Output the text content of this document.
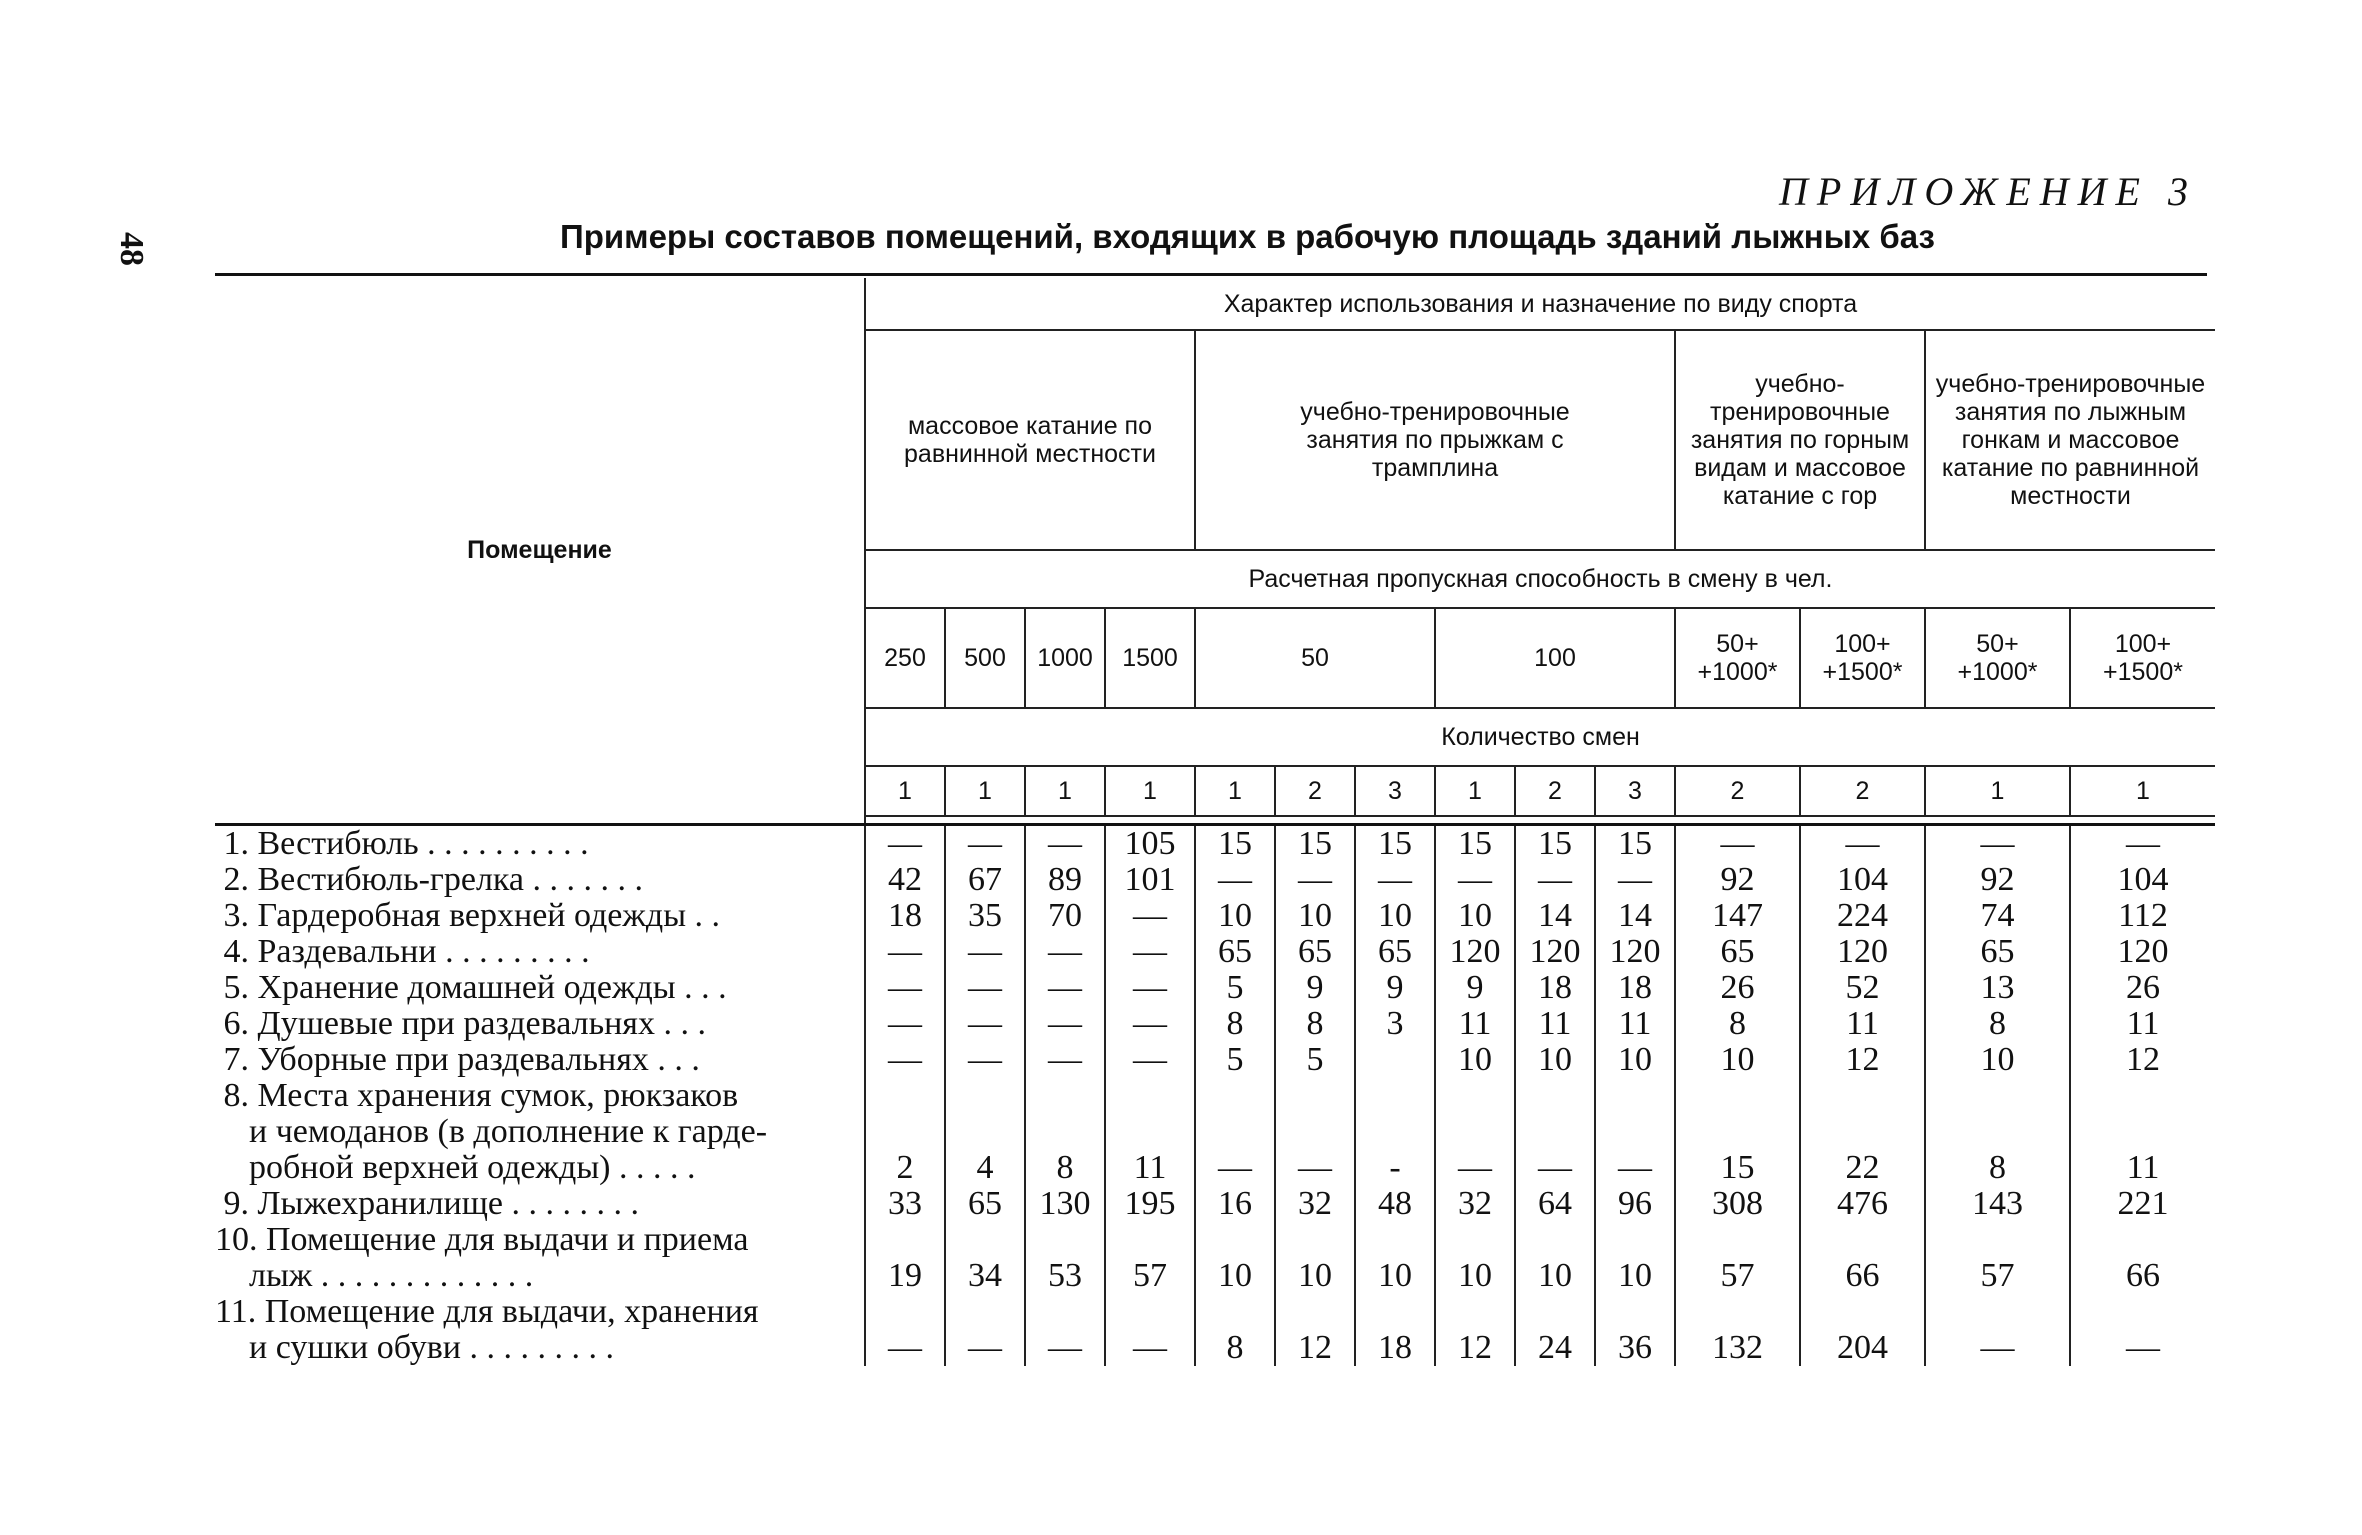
48
ПРИЛОЖЕНИЕ 3
Примеры составов помещений, входящих в рабочую площадь зданий лыжных баз
Помещение	Характер использования и назначение по виду спорта													
	массовое катание по равнинной местности				учебно-тренировочные занятия по прыжкам с трамплина						учебно-тренировочные занятия по горным видам и массовое катание с гор		учебно-тренировочные занятия по лыжным гонкам и массовое катание по равнинной местности	
	Расчетная пропускная способность в смену в чел.													
	250	500	1000	1500	50			100			50+ +1000*	100+ +1500*	50+ +1000*	100+ +1500*
	Количество смен													
	1	1	1	1	1	2	3	1	2	3	2	2	1	1

1. Вестибюль . . . . . . . . . .	—	—	—	105	15	15	15	15	15	15	—	—	—	—
2. Вестибюль-грелка . . . . . . .	42	67	89	101	—	—	—	—	—	—	92	104	92	104
3. Гардеробная верхней одежды . .	18	35	70	—	10	10	10	10	14	14	147	224	74	112
4. Раздевальни . . . . . . . . .	—	—	—	—	65	65	65	120	120	120	65	120	65	120
5. Хранение домашней одежды . . .	—	—	—	—	5	9	9	9	18	18	26	52	13	26
6. Душевые при раздевальнях . . .	—	—	—	—	8	8	3	11	11	11	8	11	8	11
7. Уборные при раздевальнях . . .	—	—	—	—	5	5		10	10	10	10	12	10	12
8. Места хранения сумок, рюкзаков
и чемоданов (в дополнение к гарде-
робной верхней одежды) . . . . .	2	4	8	11	—	—	-	—	—	—	15	22	8	11
9. Лыжехранилище . . . . . . . .	33	65	130	195	16	32	48	32	64	96	308	476	143	221
10. Помещение для выдачи и приема
лыж . . . . . . . . . . . . .	19	34	53	57	10	10	10	10	10	10	57	66	57	66
11. Помещение для выдачи, хранения
и сушки обуви . . . . . . . . .	—	—	—	—	8	12	18	12	24	36	132	204	—	—
